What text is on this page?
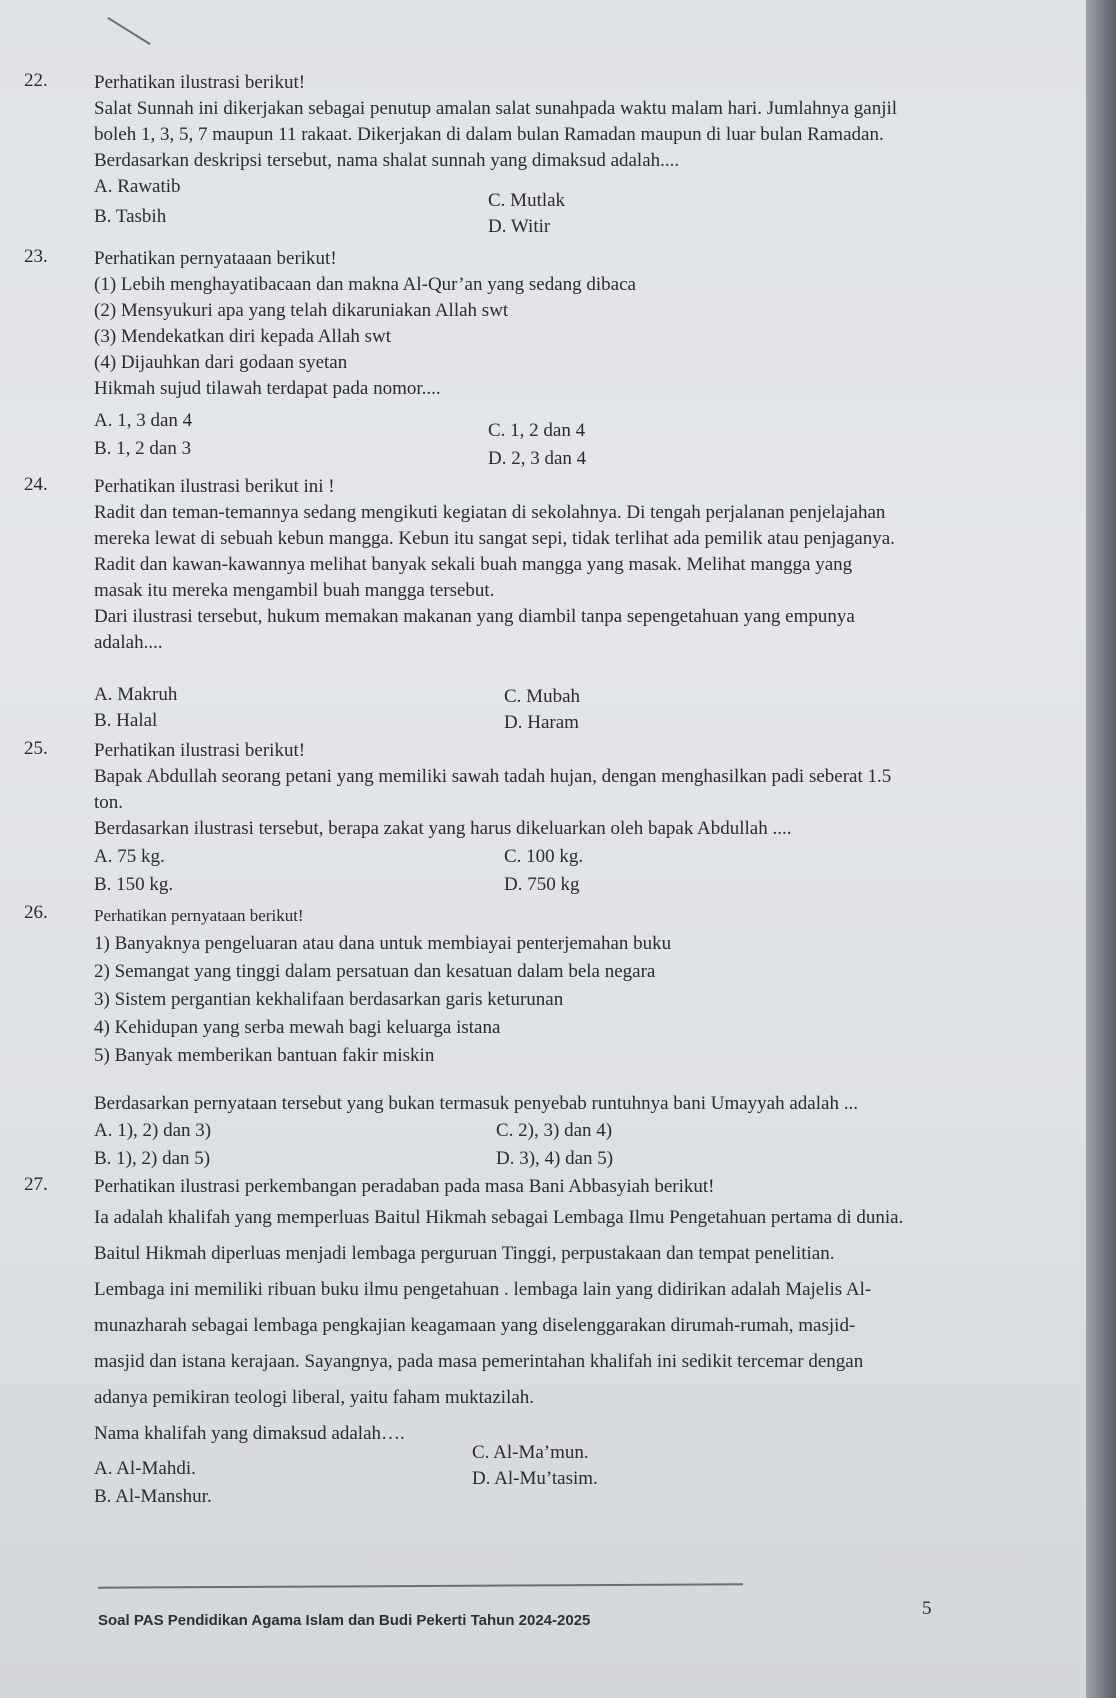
22. Perhatikan ilustrasi berikut!
Salat Sunnah ini dikerjakan sebagai penutup amalan salat sunahpada waktu malam hari. Jumlahnya ganjil
boleh 1, 3, 5, 7 maupun 11 rakaat. Dikerjakan di dalam bulan Ramadan maupun di luar bulan Ramadan.
Berdasarkan deskripsi tersebut, nama shalat sunnah yang dimaksud adalah....
A. Rawatib
B. Tasbih
C. Mutlak
D. Witir
23. Perhatikan pernyataaan berikut!
(1) Lebih menghayatibacaan dan makna Al-Qur’an yang sedang dibaca
(2) Mensyukuri apa yang telah dikaruniakan Allah swt
(3) Mendekatkan diri kepada Allah swt
(4) Dijauhkan dari godaan syetan
Hikmah sujud tilawah terdapat pada nomor....
A. 1, 3 dan 4
B. 1, 2 dan 3
C. 1, 2 dan 4
D. 2, 3 dan 4
24. Perhatikan ilustrasi berikut ini !
Radit dan teman-temannya sedang mengikuti kegiatan di sekolahnya. Di tengah perjalanan penjelajahan
mereka lewat di sebuah kebun mangga. Kebun itu sangat sepi, tidak terlihat ada pemilik atau penjaganya.
Radit dan kawan-kawannya melihat banyak sekali buah mangga yang masak. Melihat mangga yang
masak itu mereka mengambil buah mangga tersebut.
Dari ilustrasi tersebut, hukum memakan makanan yang diambil tanpa sepengetahuan yang empunya
adalah....
A. Makruh
B. Halal
C. Mubah
D. Haram
25. Perhatikan ilustrasi berikut!
Bapak Abdullah seorang petani yang memiliki sawah tadah hujan, dengan menghasilkan padi seberat 1.5
ton.
Berdasarkan ilustrasi tersebut, berapa zakat yang harus dikeluarkan oleh bapak Abdullah ....
A. 75 kg.
B. 150 kg.
C. 100 kg.
D. 750 kg
26.	Perhatikan pernyataan berikut!
1) Banyaknya pengeluaran atau dana untuk membiayai penterjemahan buku
2) Semangat yang tinggi dalam persatuan dan kesatuan dalam bela negara
3) Sistem pergantian kekhalifaan berdasarkan garis keturunan
4) Kehidupan yang serba mewah bagi keluarga istana
5) Banyak memberikan bantuan fakir miskin
Berdasarkan pernyataan tersebut yang bukan termasuk penyebab runtuhnya bani Umayyah adalah ...
A. 1), 2) dan 3)
B. 1), 2) dan 5)
C. 2), 3) dan 4)
D. 3), 4) dan 5)
27. Perhatikan ilustrasi perkembangan peradaban pada masa Bani Abbasyiah berikut!
Ia adalah khalifah yang memperluas Baitul Hikmah sebagai Lembaga Ilmu Pengetahuan pertama di dunia.
Baitul Hikmah diperluas menjadi lembaga perguruan Tinggi, perpustakaan dan tempat penelitian.
Lembaga ini memiliki ribuan buku ilmu pengetahuan . lembaga lain yang didirikan adalah Majelis Al-
munazharah sebagai lembaga pengkajian keagamaan yang diselenggarakan dirumah-rumah, masjid-
masjid dan istana kerajaan. Sayangnya, pada masa pemerintahan khalifah ini sedikit tercemar dengan
adanya pemikiran teologi liberal, yaitu faham muktazilah.
Nama khalifah yang dimaksud adalah….
A. Al-Mahdi.
B. Al-Manshur.
C. Al-Ma’mun.
D. Al-Mu’tasim.
Soal PAS Pendidikan Agama Islam dan Budi Pekerti Tahun 2024-2025
5
